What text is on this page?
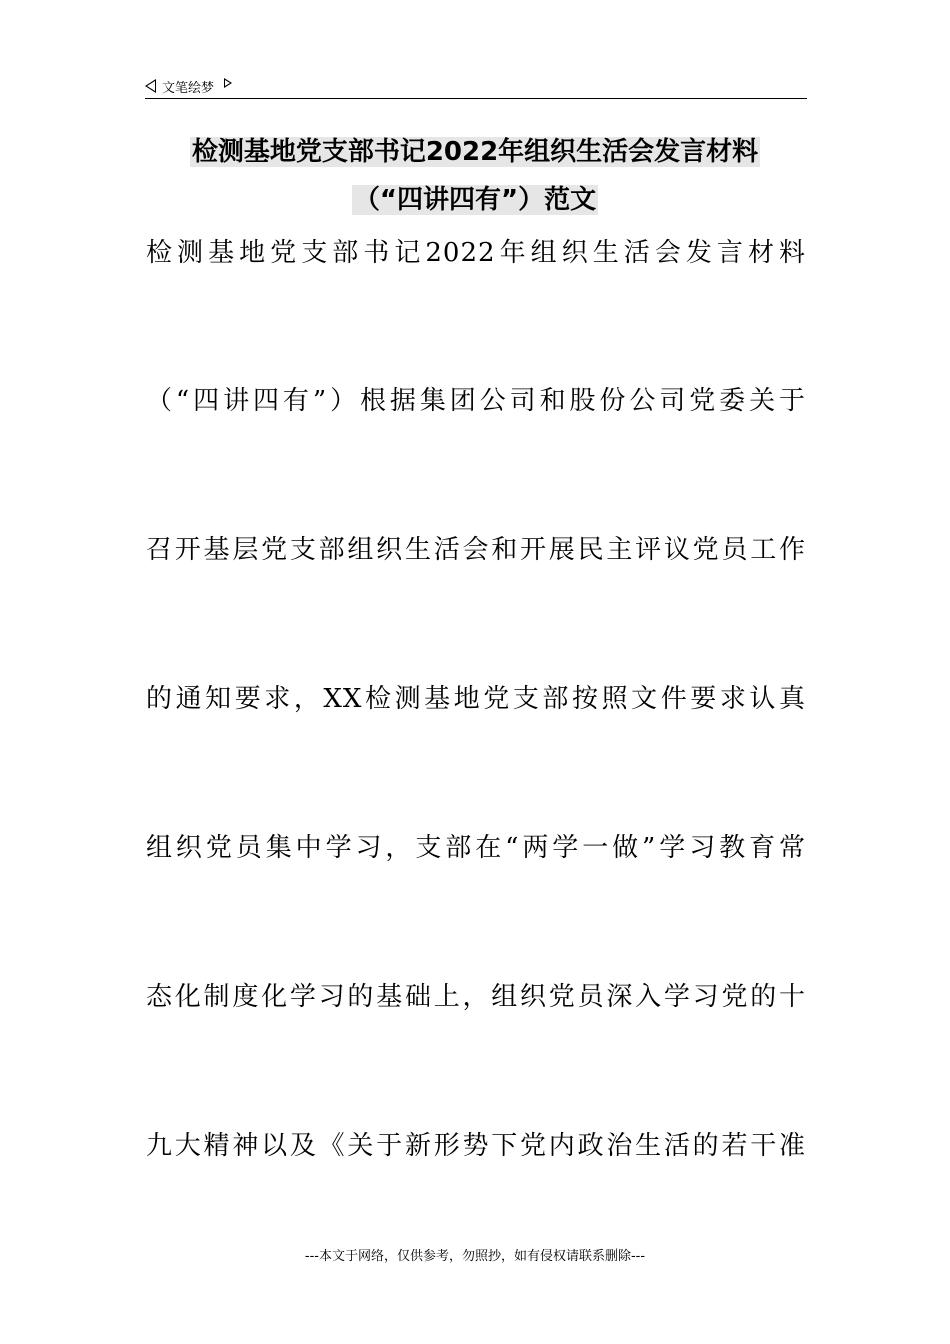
文笔绘梦
检测基地党支部书记2022年组织生活会发言材料
（“四讲四有”）范文
检测基地党支部书记2022年组织生活会发言材料
（“四讲四有”）根据集团公司和股份公司党委关于
召开基层党支部组织生活会和开展民主评议党员工作
的通知要求，XX检测基地党支部按照文件要求认真
组织党员集中学习，支部在“两学一做”学习教育常
态化制度化学习的基础上，组织党员深入学习党的十
九大精神以及《关于新形势下党内政治生活的若干准
---本文于网络，仅供参考，勿照抄，如有侵权请联系删除---
